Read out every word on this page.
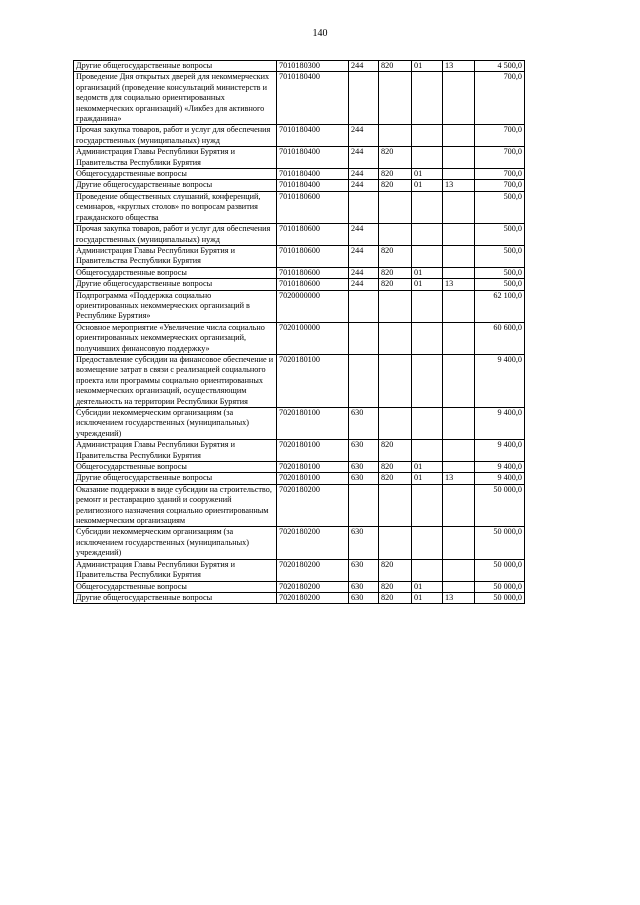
140
Другие общегосударственные вопросы	7010180300	244	820	01	13	4 500,0
Проведение Дня открытых дверей для некоммерческих организаций (проведение консультаций министерств и ведомств для социально ориентированных некоммерческих организаций) «Ликбез для активного гражданина»	7010180400					700,0
Прочая закупка товаров, работ и услуг для обеспечения государственных (муниципальных) нужд	7010180400	244				700,0
Администрация Главы Республики Бурятия и Правительства Республики Бурятия	7010180400	244	820			700,0
Общегосударственные вопросы	7010180400	244	820	01		700,0
Другие общегосударственные вопросы	7010180400	244	820	01	13	700,0
Проведение общественных слушаний, конференций, семинаров, «круглых столов» по вопросам развития гражданского общества	7010180600					500,0
Прочая закупка товаров, работ и услуг для обеспечения государственных (муниципальных) нужд	7010180600	244				500,0
Администрация Главы Республики Бурятия и Правительства Республики Бурятия	7010180600	244	820			500,0
Общегосударственные вопросы	7010180600	244	820	01		500,0
Другие общегосударственные вопросы	7010180600	244	820	01	13	500,0
Подпрограмма «Поддержка социально ориентированных некоммерческих организаций в Республике Бурятия»	7020000000					62 100,0
Основное мероприятие «Увеличение числа социально ориентированных некоммерческих организаций, получивших финансовую поддержку»	7020100000					60 600,0
Предоставление субсидии на финансовое обеспечение и возмещение затрат в связи с реализацией социального проекта или программы социально ориентированных некоммерческих организаций, осуществляющим деятельность на территории Республики Бурятия	7020180100					9 400,0
Субсидии некоммерческим организациям (за исключением государственных (муниципальных) учреждений)	7020180100	630				9 400,0
Администрация Главы Республики Бурятия и Правительства Республики Бурятия	7020180100	630	820			9 400,0
Общегосударственные вопросы	7020180100	630	820	01		9 400,0
Другие общегосударственные вопросы	7020180100	630	820	01	13	9 400,0
Оказание поддержки в виде субсидии на строительство, ремонт и реставрацию зданий и сооружений религиозного назначения социально ориентированным некоммерческим организациям	7020180200					50 000,0
Субсидии некоммерческим организациям (за исключением государственных (муниципальных) учреждений)	7020180200	630				50 000,0
Администрация Главы Республики Бурятия и Правительства Республики Бурятия	7020180200	630	820			50 000,0
Общегосударственные вопросы	7020180200	630	820	01		50 000,0
Другие общегосударственные вопросы	7020180200	630	820	01	13	50 000,0
